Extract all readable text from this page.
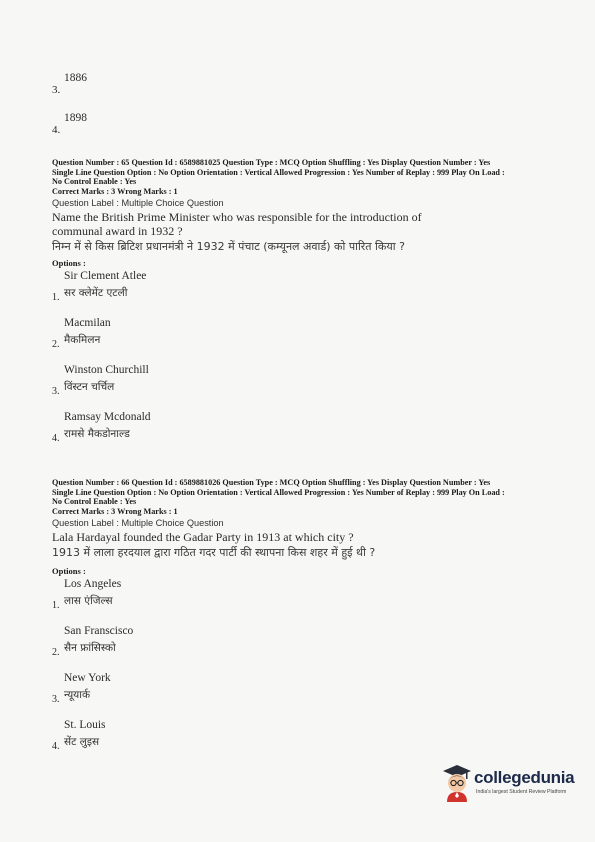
3.
1886
4.
1898
Question Number : 65 Question Id : 6589881025 Question Type : MCQ Option Shuffling : Yes Display Question Number : Yes
Single Line Question Option : No Option Orientation : Vertical Allowed Progression : Yes Number of Replay : 999 Play On Load :
No Control Enable : Yes
Correct Marks : 3 Wrong Marks : 1
Question Label : Multiple Choice Question
Name the British Prime Minister who was responsible for the introduction of
communal award in 1932 ?
निम्न में से किस ब्रिटिश प्रधानमंत्री ने 1932 में पंचाट (कम्यूनल अवार्ड) को पारित किया ?
Options :
1.
Sir Clement Atlee
सर क्लेमेंट एटली
2.
Macmilan
मैकमिलन
3.
Winston Churchill
विंस्टन चर्चिल
4.
Ramsay Mcdonald
रामसे मैकडोनाल्ड
Question Number : 66 Question Id : 6589881026 Question Type : MCQ Option Shuffling : Yes Display Question Number : Yes
Single Line Question Option : No Option Orientation : Vertical Allowed Progression : Yes Number of Replay : 999 Play On Load :
No Control Enable : Yes
Correct Marks : 3 Wrong Marks : 1
Question Label : Multiple Choice Question
Lala Hardayal founded the Gadar Party in 1913 at which city ?
1913 में लाला हरदयाल द्वारा गठित गदर पार्टी की स्थापना किस शहर में हुई थी ?
Options :
1.
Los Angeles
लास एंजिल्स
2.
San Franscisco
सैन फ्रांसिस्को
3.
New York
न्यूयार्क
4.
St. Louis
सेंट लुइस
collegedunia
India's largest Student Review Platform
